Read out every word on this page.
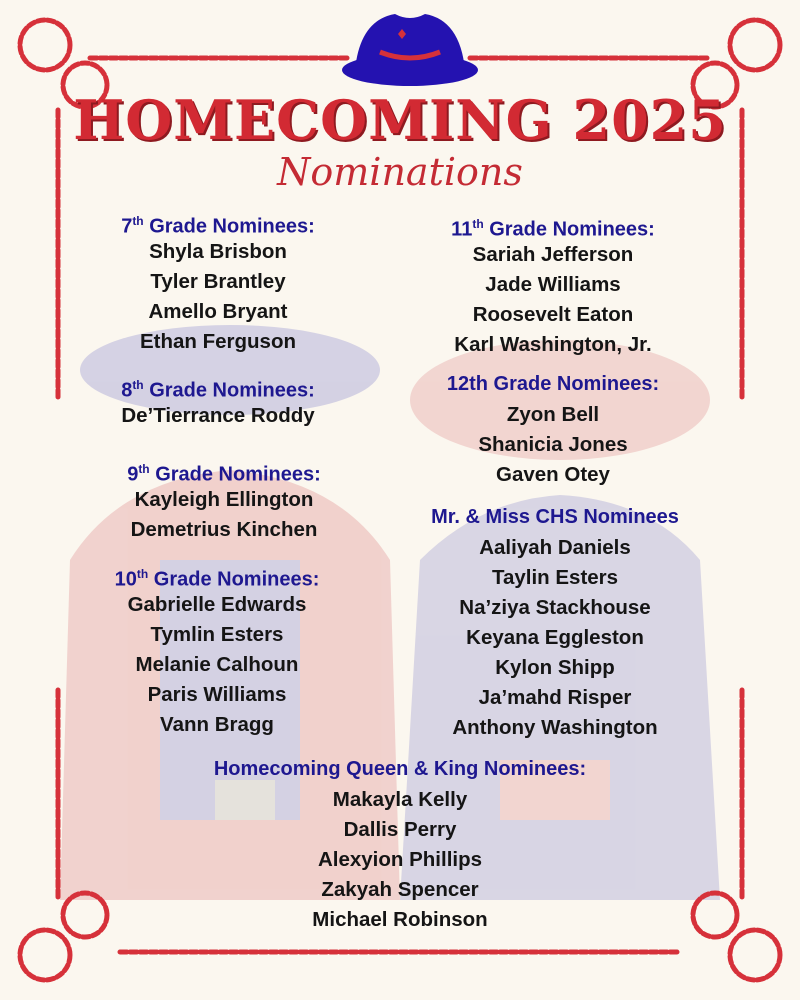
HOMECOMING 2025
Nominations
7th Grade Nominees:
Shyla Brisbon
Tyler Brantley
Amello Bryant
Ethan Ferguson
8th Grade Nominees:
De’Tierrance Roddy
9th Grade Nominees:
Kayleigh Ellington
Demetrius Kinchen
10th Grade Nominees:
Gabrielle Edwards
Tymlin Esters
Melanie Calhoun
Paris Williams
Vann Bragg
11th Grade Nominees:
Sariah Jefferson
Jade Williams
Roosevelt Eaton
Karl Washington, Jr.
12th Grade Nominees:
Zyon Bell
Shanicia Jones
Gaven Otey
Mr. & Miss CHS Nominees
Aaliyah Daniels
Taylin Esters
Na’ziya Stackhouse
Keyana Eggleston
Kylon Shipp
Ja’mahd Risper
Anthony Washington
Homecoming Queen & King Nominees:
Makayla Kelly
Dallis Perry
Alexyion Phillips
Zakyah Spencer
Michael Robinson
